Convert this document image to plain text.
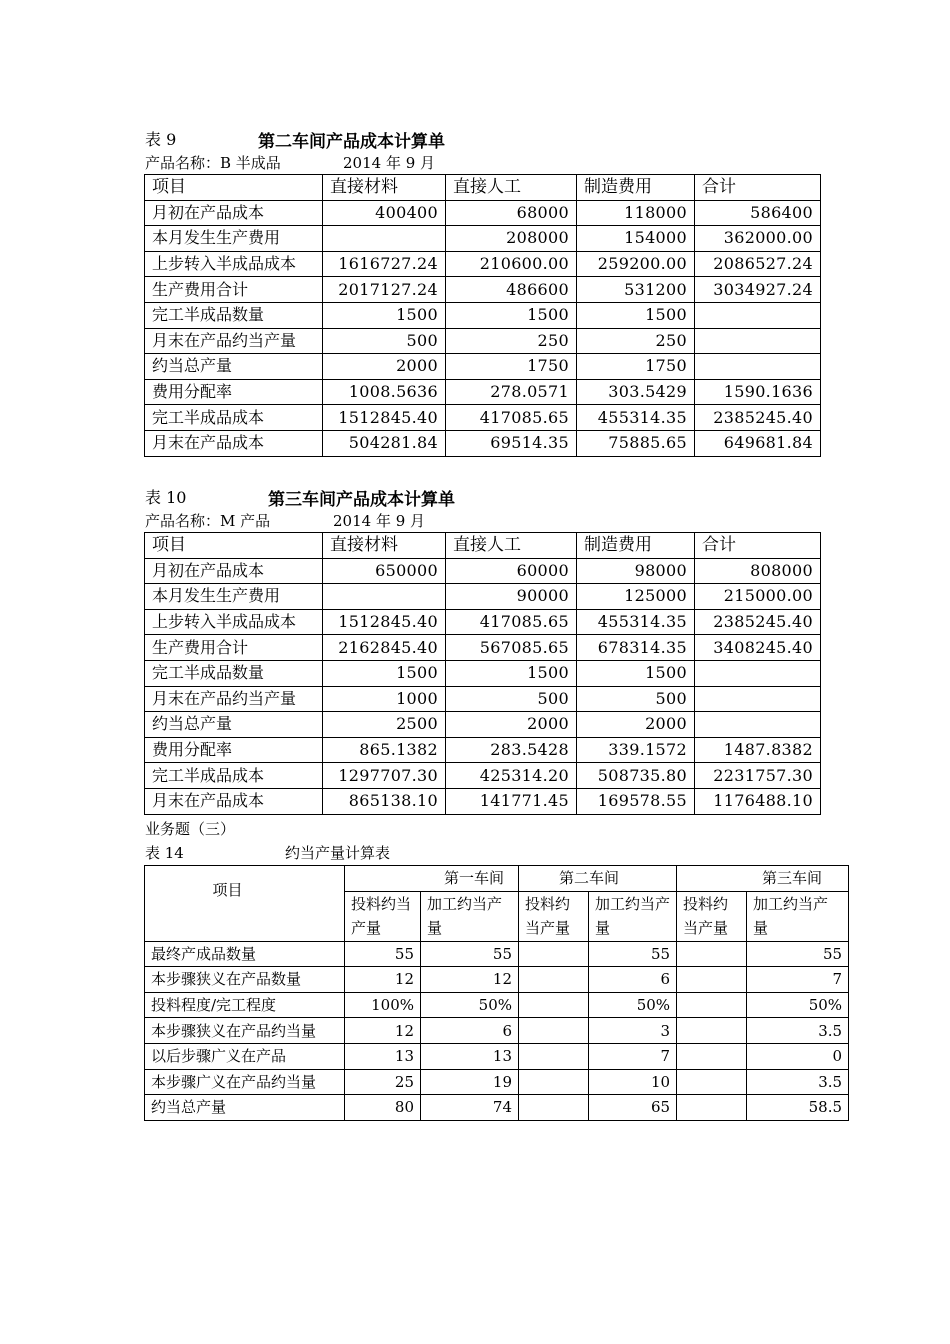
表 9	第二车间产品成本计算单
产品名称：B 半成品	2014 年 9 月
项目	直接材料	直接人工	制造费用	合计
月初在产品成本	400400	68000	118000	586400
本月发生生产费用		208000	154000	362000.00
上步转入半成品成本	1616727.24	210600.00	259200.00	2086527.24
生产费用合计	2017127.24	486600	531200	3034927.24
完工半成品数量	1500	1500	1500	
月末在产品约当产量	500	250	250	
约当总产量	2000	1750	1750	
费用分配率	1008.5636	278.0571	303.5429	1590.1636
完工半成品成本	1512845.40	417085.65	455314.35	2385245.40
月末在产品成本	504281.84	69514.35	75885.65	649681.84
表 10	第三车间产品成本计算单
产品名称：M 产品	2014 年 9 月
项目	直接材料	直接人工	制造费用	合计
月初在产品成本	650000	60000	98000	808000
本月发生生产费用		90000	125000	215000.00
上步转入半成品成本	1512845.40	417085.65	455314.35	2385245.40
生产费用合计	2162845.40	567085.65	678314.35	3408245.40
完工半成品数量	1500	1500	1500	
月末在产品约当产量	1000	500	500	
约当总产量	2500	2000	2000	
费用分配率	865.1382	283.5428	339.1572	1487.8382
完工半成品成本	1297707.30	425314.20	508735.80	2231757.30
月末在产品成本	865138.10	141771.45	169578.55	1176488.10
业务题（三）
表 14	约当产量计算表
项目	第一车间		第二车间		第三车间	
	投料约当产量	加工约当产量	投料约当产量	加工约当产量	投料约当产量	加工约当产量
最终产成品数量	55	55		55		55
本步骤狭义在产品数量	12	12		6		7
投料程度/完工程度	100%	50%		50%		50%
本步骤狭义在产品约当量	12	6		3		3.5
以后步骤广义在产品	13	13		7		0
本步骤广义在产品约当量	25	19		10		3.5
约当总产量	80	74		65		58.5
